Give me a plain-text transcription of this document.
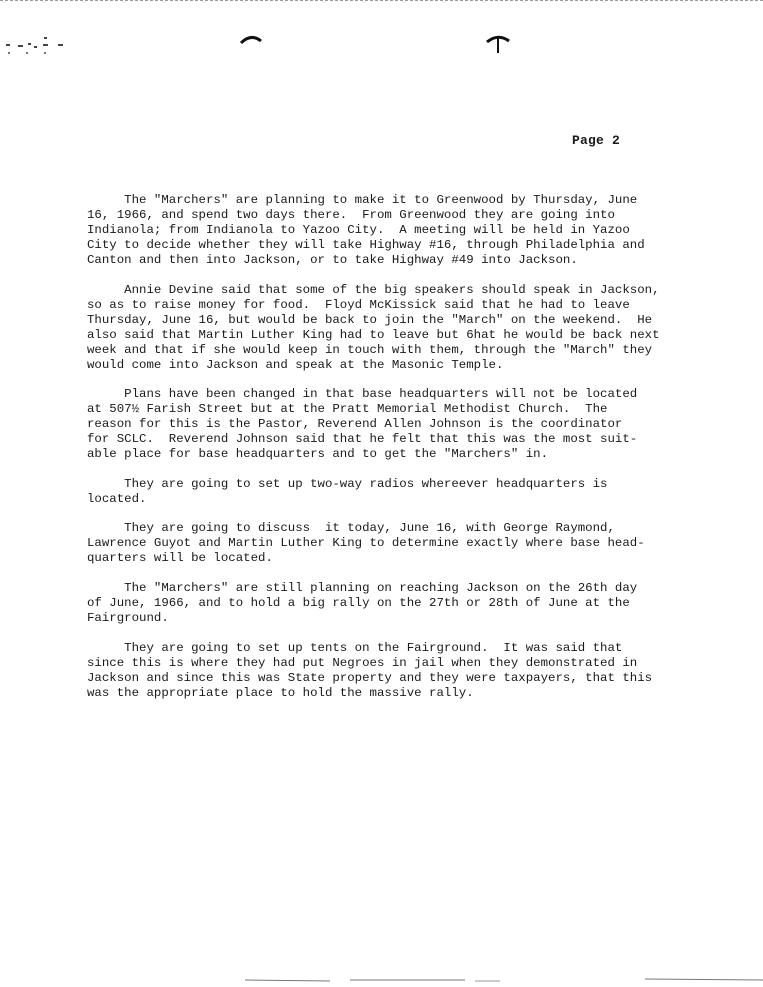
Page 2
The "Marchers" are planning to make it to Greenwood by Thursday, June
16, 1966, and spend two days there.  From Greenwood they are going into
Indianola; from Indianola to Yazoo City.  A meeting will be held in Yazoo
City to decide whether they will take Highway #16, through Philadelphia and
Canton and then into Jackson, or to take Highway #49 into Jackson.
Annie Devine said that some of the big speakers should speak in Jackson,
so as to raise money for food.  Floyd McKissick said that he had to leave
Thursday, June 16, but would be back to join the "March" on the weekend.  He
also said that Martin Luther King had to leave but 6hat he would be back next
week and that if she would keep in touch with them, through the "March" they
would come into Jackson and speak at the Masonic Temple.
Plans have been changed in that base headquarters will not be located
at 507½ Farish Street but at the Pratt Memorial Methodist Church.  The
reason for this is the Pastor, Reverend Allen Johnson is the coordinator
for SCLC.  Reverend Johnson said that he felt that this was the most suit-
able place for base headquarters and to get the "Marchers" in.
They are going to set up two-way radios whereever headquarters is
located.
They are going to discuss  it today, June 16, with George Raymond,
Lawrence Guyot and Martin Luther King to determine exactly where base head-
quarters will be located.
The "Marchers" are still planning on reaching Jackson on the 26th day
of June, 1966, and to hold a big rally on the 27th or 28th of June at the
Fairground.
They are going to set up tents on the Fairground.  It was said that
since this is where they had put Negroes in jail when they demonstrated in
Jackson and since this was State property and they were taxpayers, that this
was the appropriate place to hold the massive rally.
